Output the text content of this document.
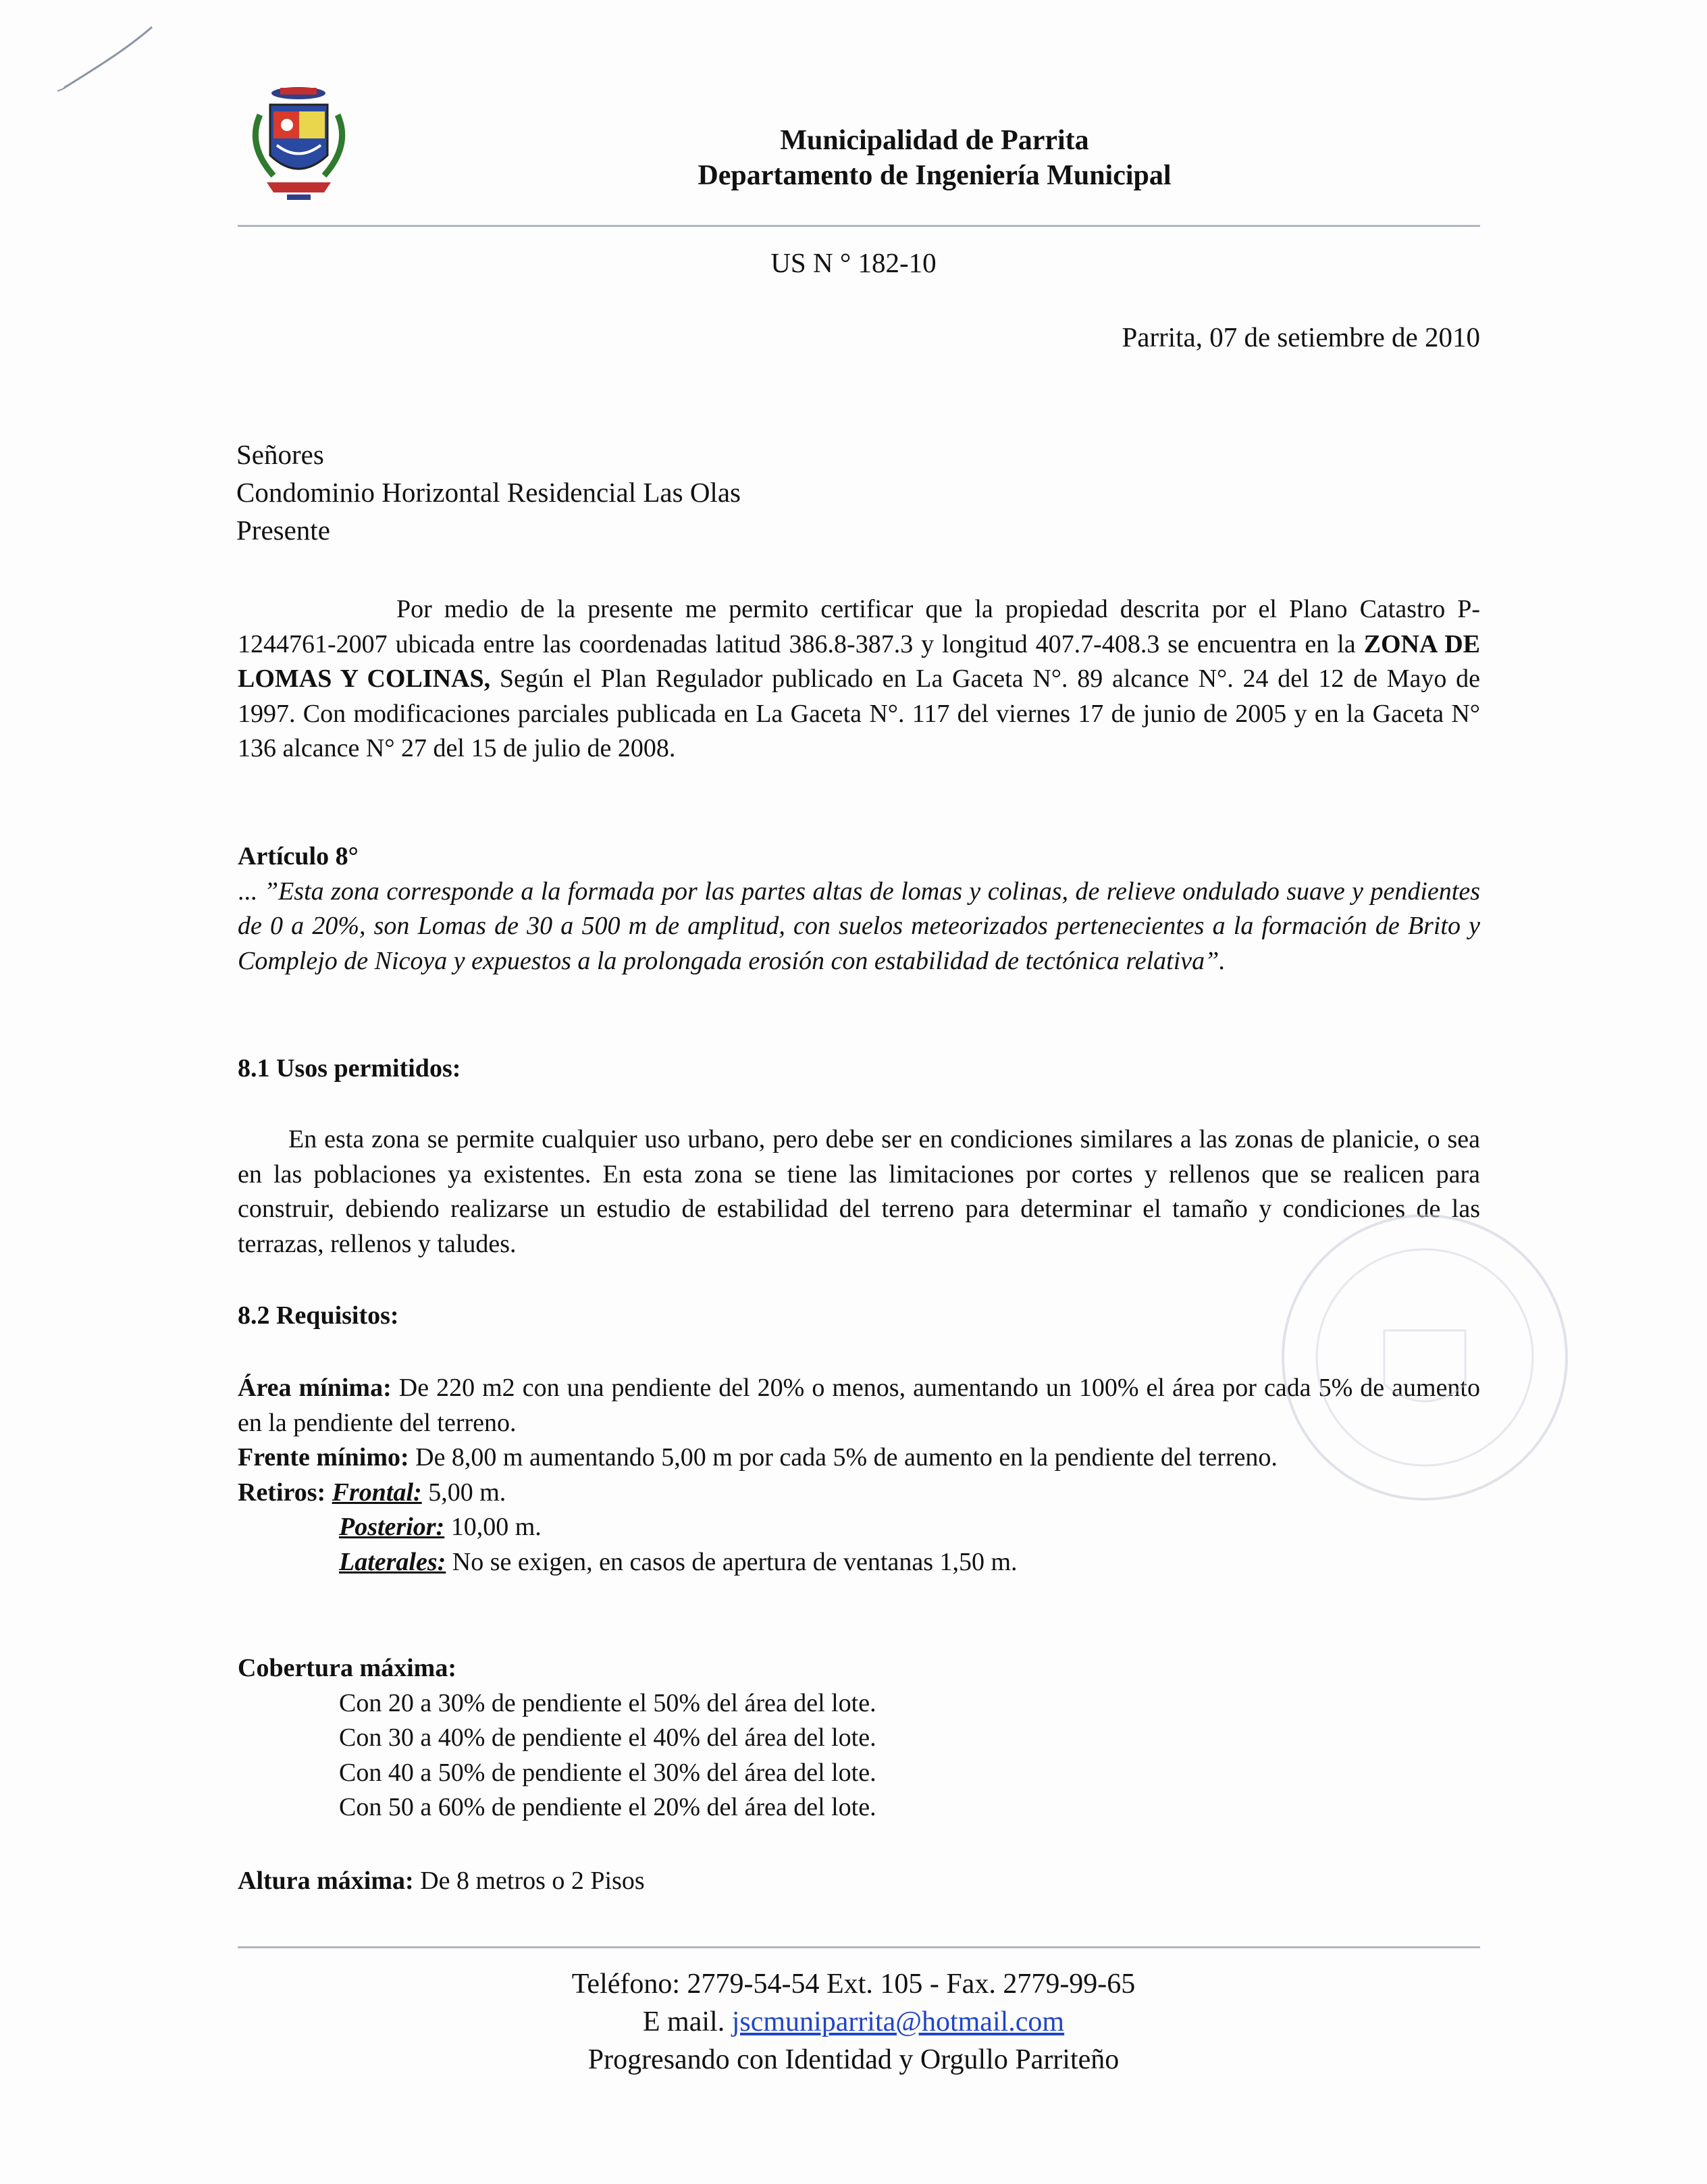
Municipalidad de Parrita
Departamento de Ingeniería Municipal
US N ° 182-10
Parrita, 07 de setiembre de 2010
Señores
Condominio Horizontal Residencial Las Olas
Presente

Por medio de la presente me permito certificar que la propiedad descrita por el Plano Catastro P-1244761-2007 ubicada entre las coordenadas latitud 386.8-387.3 y longitud 407.7-408.3 se encuentra en la ZONA DE LOMAS Y COLINAS, Según el Plan Regulador publicado en La Gaceta N°. 89 alcance N°. 24 del 12 de Mayo de 1997. Con modificaciones parciales publicada en La Gaceta N°. 117 del viernes 17 de junio de 2005 y en la Gaceta N° 136 alcance N° 27 del 15 de julio de 2008.

Artículo 8°

... ”Esta zona corresponde a la formada por las partes altas de lomas y colinas, de relieve ondulado suave y pendientes de 0 a 20%, son Lomas de 30 a 500 m de amplitud, con suelos meteorizados pertenecientes a la formación de Brito y Complejo de Nicoya y expuestos a la prolongada erosión con estabilidad de tectónica relativa”.

8.1 Usos permitidos:

En esta zona se permite cualquier uso urbano, pero debe ser en condiciones similares a las zonas de planicie, o sea en las poblaciones ya existentes. En esta zona se tiene las limitaciones por cortes y rellenos que se realicen para construir, debiendo realizarse un estudio de estabilidad del terreno para determinar el tamaño y condiciones de las terrazas, rellenos y taludes.

8.2 Requisitos:

Área mínima: De 220 m2 con una pendiente del 20% o menos, aumentando un 100% el área por cada 5% de aumento en la pendiente del terreno.

Frente mínimo: De 8,00 m aumentando 5,00 m por cada 5% de aumento en la pendiente del terreno.

Retiros: Frontal: 5,00 m.

Posterior: 10,00 m.

Laterales: No se exigen, en casos de apertura de ventanas 1,50 m.

Cobertura máxima:

Con 20 a 30% de pendiente el 50% del área del lote.

Con 30 a 40% de pendiente el 40% del área del lote.

Con 40 a 50% de pendiente el 30% del área del lote.

Con 50 a 60% de pendiente el 20% del área del lote.

Altura máxima: De 8 metros o 2 Pisos

Teléfono: 2779-54-54 Ext. 105 - Fax. 2779-99-65
E mail. jscmuniparrita@hotmail.com
Progresando con Identidad y Orgullo Parriteño
